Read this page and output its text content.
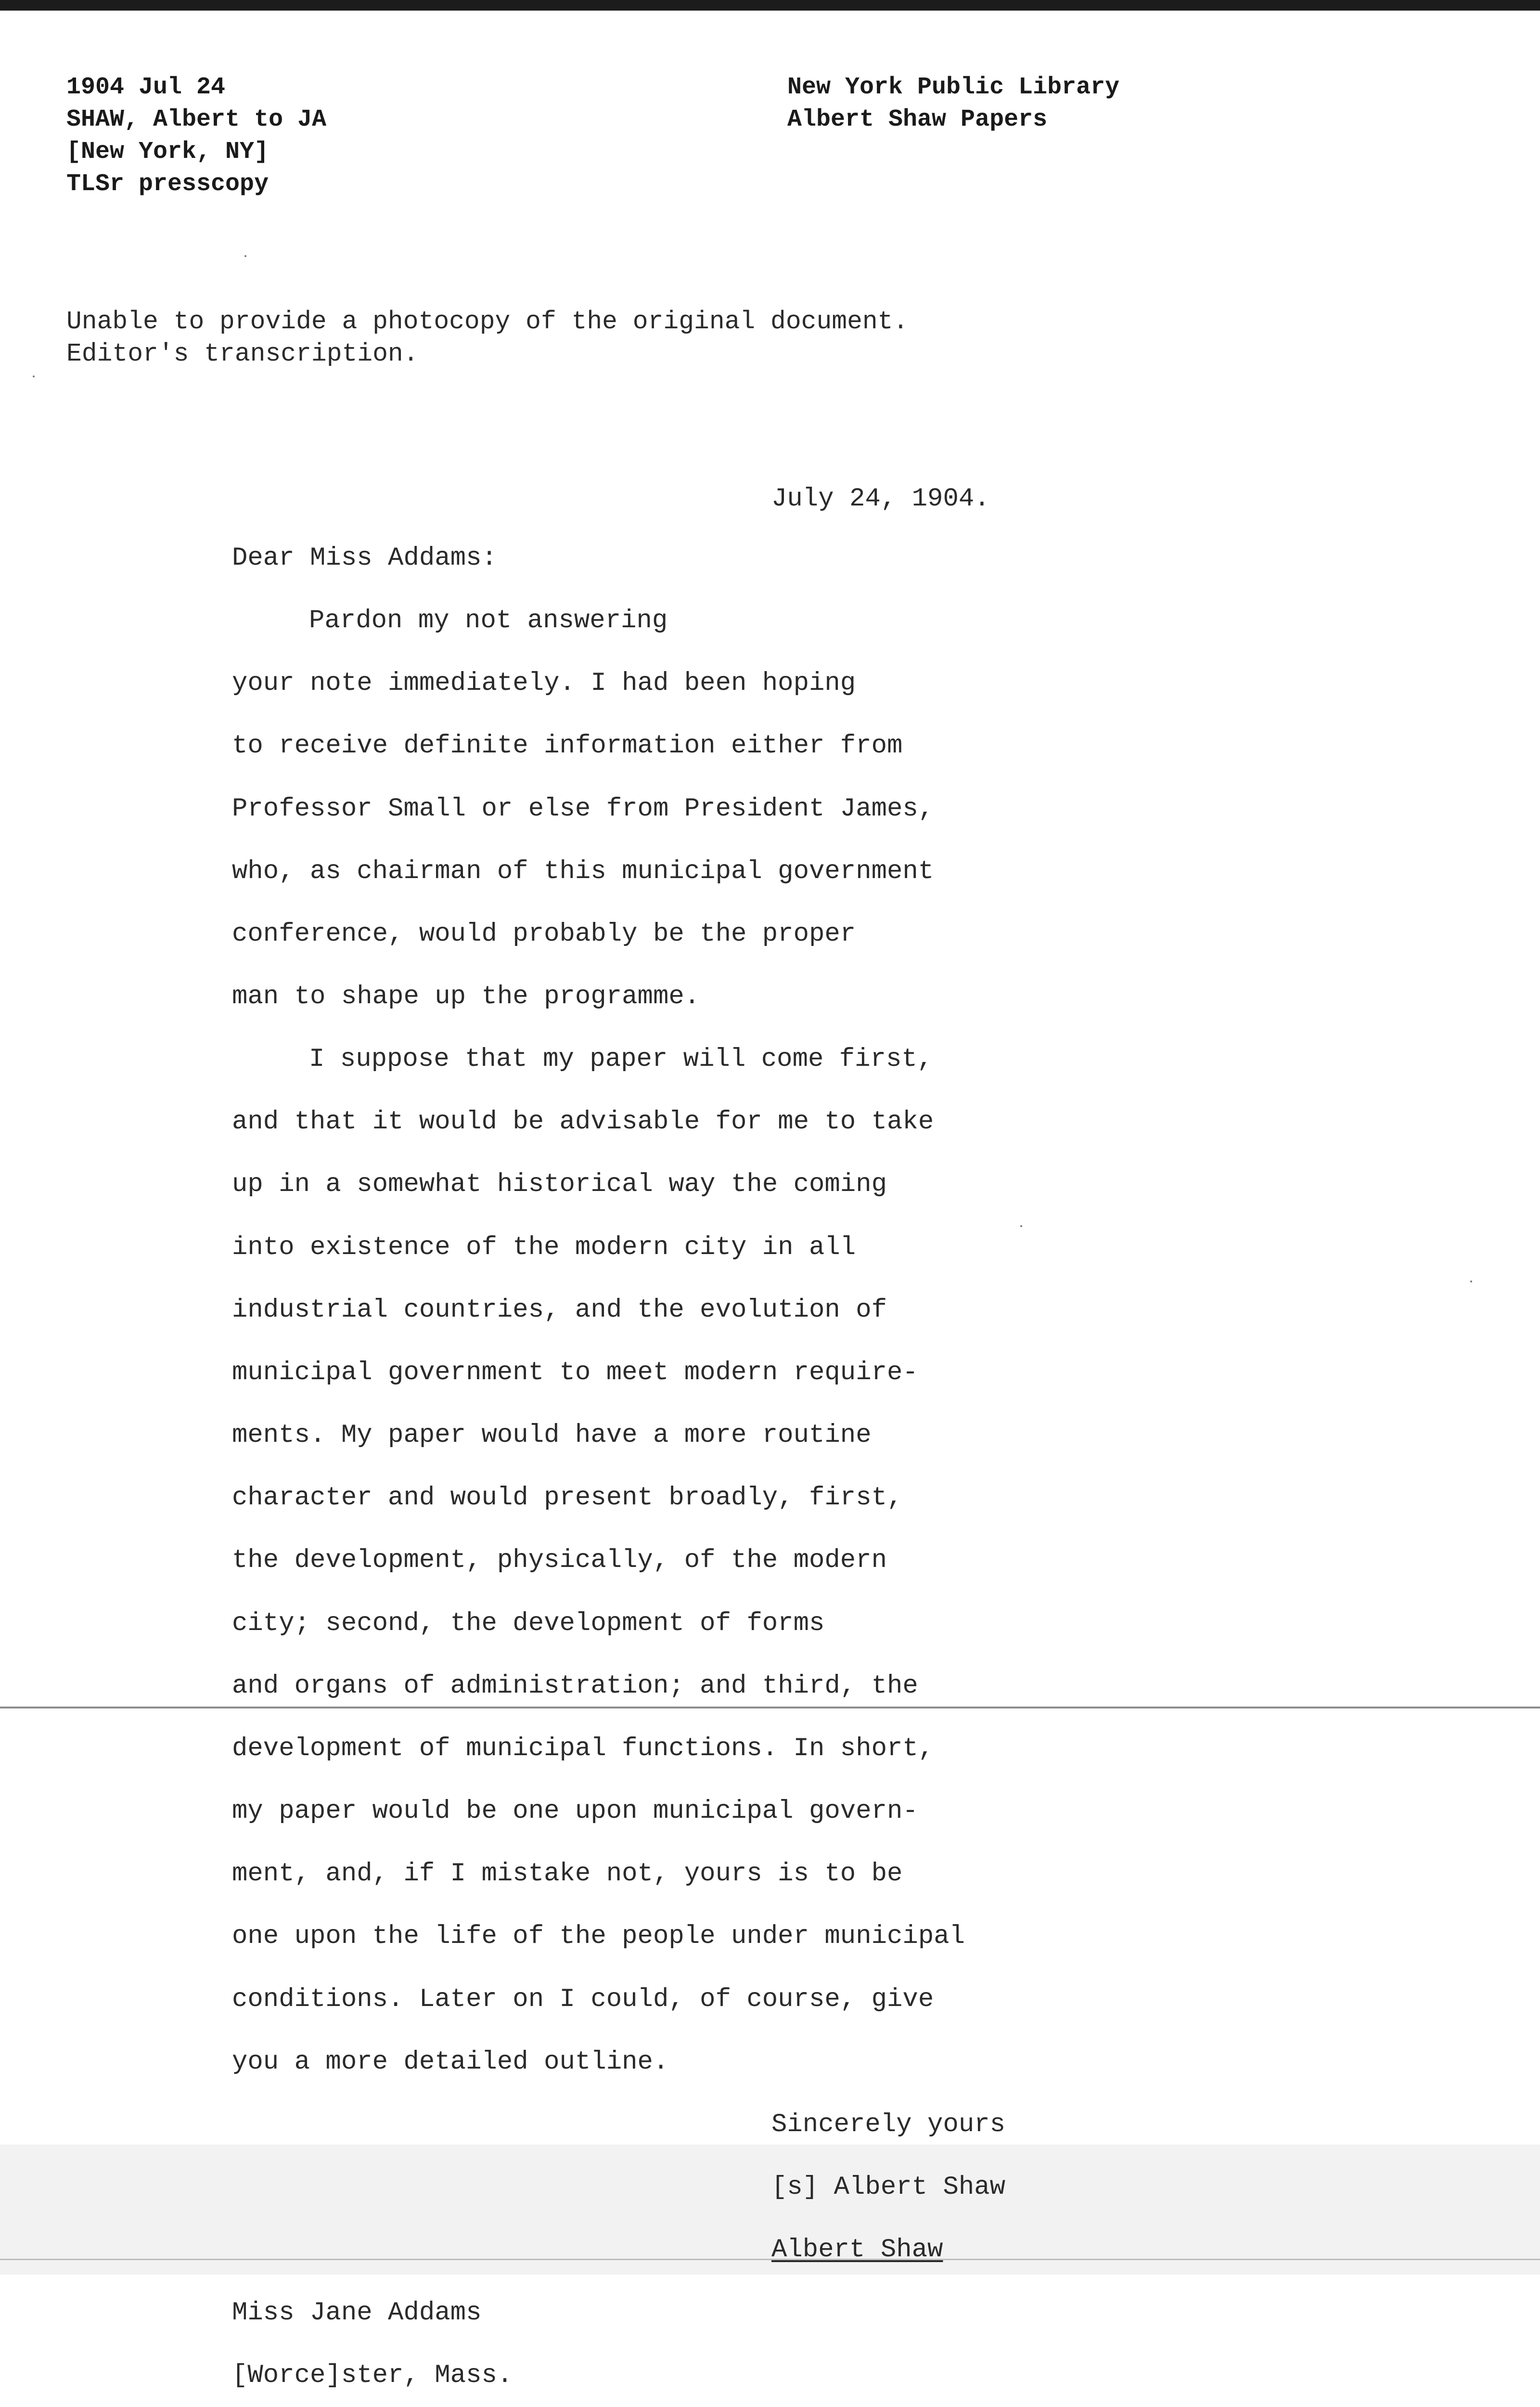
1904 Jul 24
SHAW, Albert to JA
[New York, NY]
TLSr presscopy
New York Public Library
Albert Shaw Papers
Unable to provide a photocopy of the original document.
Editor's transcription.
July 24, 1904.
Dear Miss Addams:
Pardon my not answering
your note immediately. I had been hoping
to receive definite information either from
Professor Small or else from President James,
who, as chairman of this municipal government
conference, would probably be the proper
man to shape up the programme.
I suppose that my paper will come first,
and that it would be advisable for me to take
up in a somewhat historical way the coming
into existence of the modern city in all
industrial countries, and the evolution of
municipal government to meet modern require-
ments. My paper would have a more routine
character and would present broadly, first,
the development, physically, of the modern
city; second, the development of forms
and organs of administration; and third, the
development of municipal functions. In short,
my paper would be one upon municipal govern-
ment, and, if I mistake not, yours is to be
one upon the life of the people under municipal
conditions. Later on I could, of course, give
you a more detailed outline.
Sincerely yours
[s] Albert Shaw
Albert Shaw
Miss Jane Addams
[Worce]ster, Mass.
